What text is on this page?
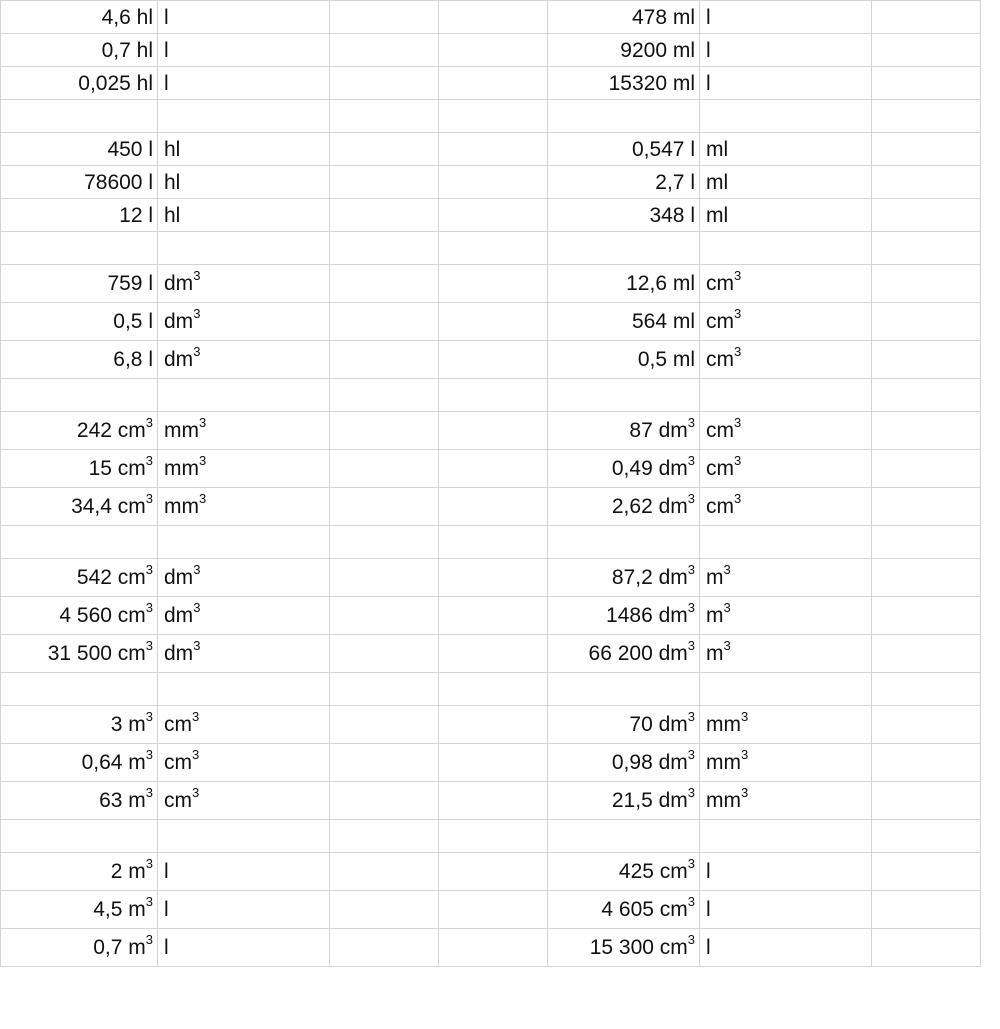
4,6 hl	l			478 ml	l	
0,7 hl	l			9200 ml	l	
0,025 hl	l			15320 ml	l	

450 l	hl			0,547 l	ml	
78600 l	hl			2,7 l	ml	
12 l	hl			348 l	ml	

759 l	$dm^3$			12,6 ml	$cm^3$	
0,5 l	$dm^3$			564 ml	$cm^3$	
6,8 l	$dm^3$			0,5 ml	$cm^3$	

242 $cm^3$	$mm^3$			87 $dm^3$	$cm^3$	
15 $cm^3$	$mm^3$			0,49 $dm^3$	$cm^3$	
34,4 $cm^3$	$mm^3$			2,62 $dm^3$	$cm^3$	

542 $cm^3$	$dm^3$			87,2 $dm^3$	$m^3$	
4 560 $cm^3$	$dm^3$			1486 $dm^3$	$m^3$	
31 500 $cm^3$	$dm^3$			66 200 $dm^3$	$m^3$	

3 $m^3$	$cm^3$			70 $dm^3$	$mm^3$	
0,64 $m^3$	$cm^3$			0,98 $dm^3$	$mm^3$	
63 $m^3$	$cm^3$			21,5 $dm^3$	$mm^3$	

2 $m^3$	l			425 $cm^3$	l	
4,5 $m^3$	l			4 605 $cm^3$	l	
0,7 $m^3$	l			15 300 $cm^3$	l	
